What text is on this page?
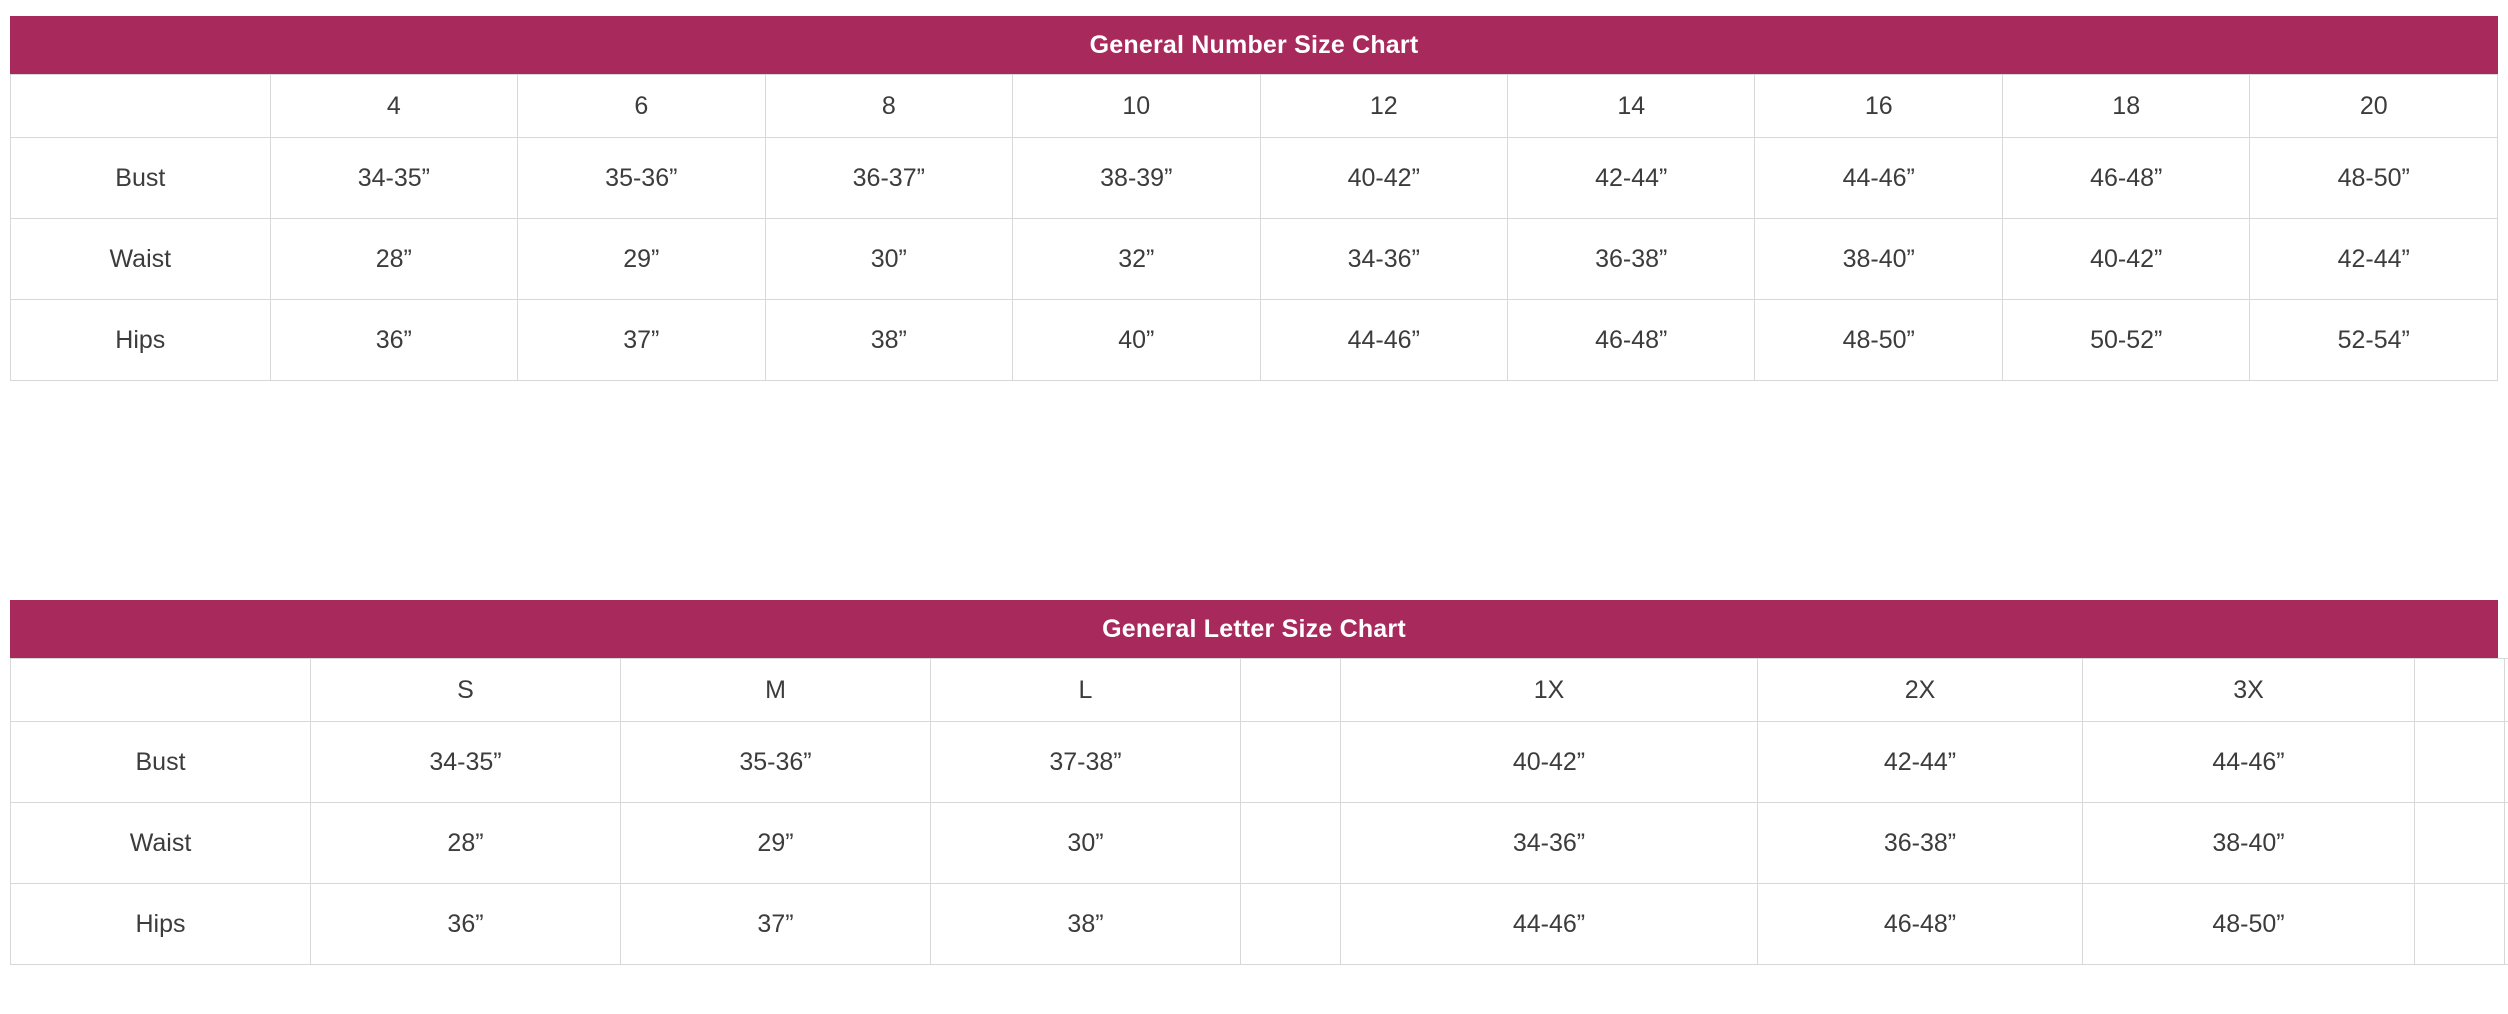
General Number Size Chart
	4	6	8	10	12	14	16	18	20
Bust	34-35”	35-36”	36-37”	38-39”	40-42”	42-44”	44-46”	46-48”	48-50”
Waist	28”	29”	30”	32”	34-36”	36-38”	38-40”	40-42”	42-44”
Hips	36”	37”	38”	40”	44-46”	46-48”	48-50”	50-52”	52-54”
General Letter Size Chart
	S	M	L		1X	2X	3X		
Bust	34-35”	35-36”	37-38”		40-42”	42-44”	44-46”		
Waist	28”	29”	30”		34-36”	36-38”	38-40”		
Hips	36”	37”	38”		44-46”	46-48”	48-50”		
